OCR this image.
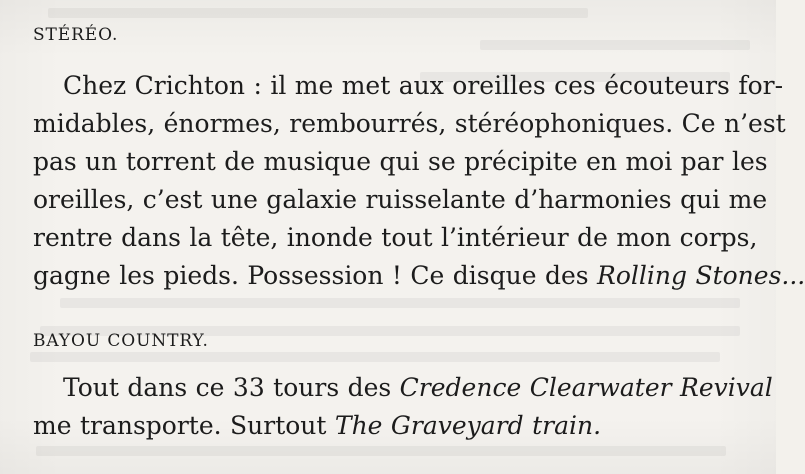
STÉRÉO.

Chez Crichton : il me met aux oreilles ces écouteurs for-
midables, énormes, rembourrés, stéréophoniques. Ce n’est
pas un torrent de musique qui se précipite en moi par les
oreilles, c’est une galaxie ruisselante d’harmonies qui me
rentre dans la tête, inonde tout l’intérieur de mon corps,
gagne les pieds. Possession ! Ce disque des Rolling Stones...

BAYOU COUNTRY.

Tout dans ce 33 tours des Credence Clearwater Revival
me transporte. Surtout The Graveyard train.
